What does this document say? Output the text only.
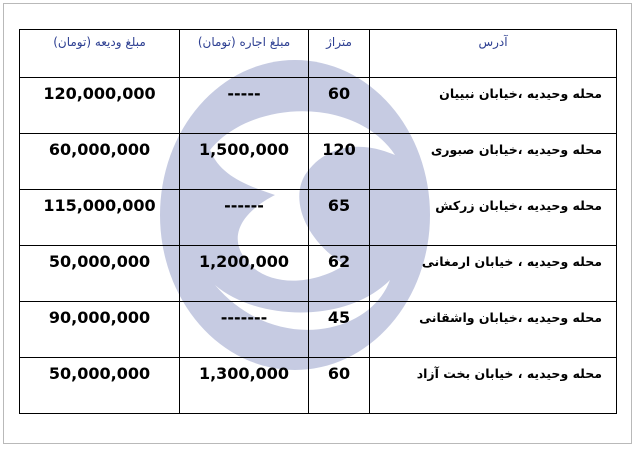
مبلغ ودیعه (تومان)	مبلغ اجاره (تومان)	متراژ	آدرس

120,000,000	-----	60	محله وحیدیه ،خیابان نبییان

60,000,000	1,500,000	120	محله وحیدیه ،خیابان صبوری

115,000,000	------	65	محله وحیدیه ،خیابان زرکش

50,000,000	1,200,000	62	محله وحیدیه ، خیابان ارمغانی

90,000,000	-------	45	محله وحیدیه ،خیابان واشقانی

50,000,000	1,300,000	60	محله وحیدیه ، خیابان بخت آزاد
